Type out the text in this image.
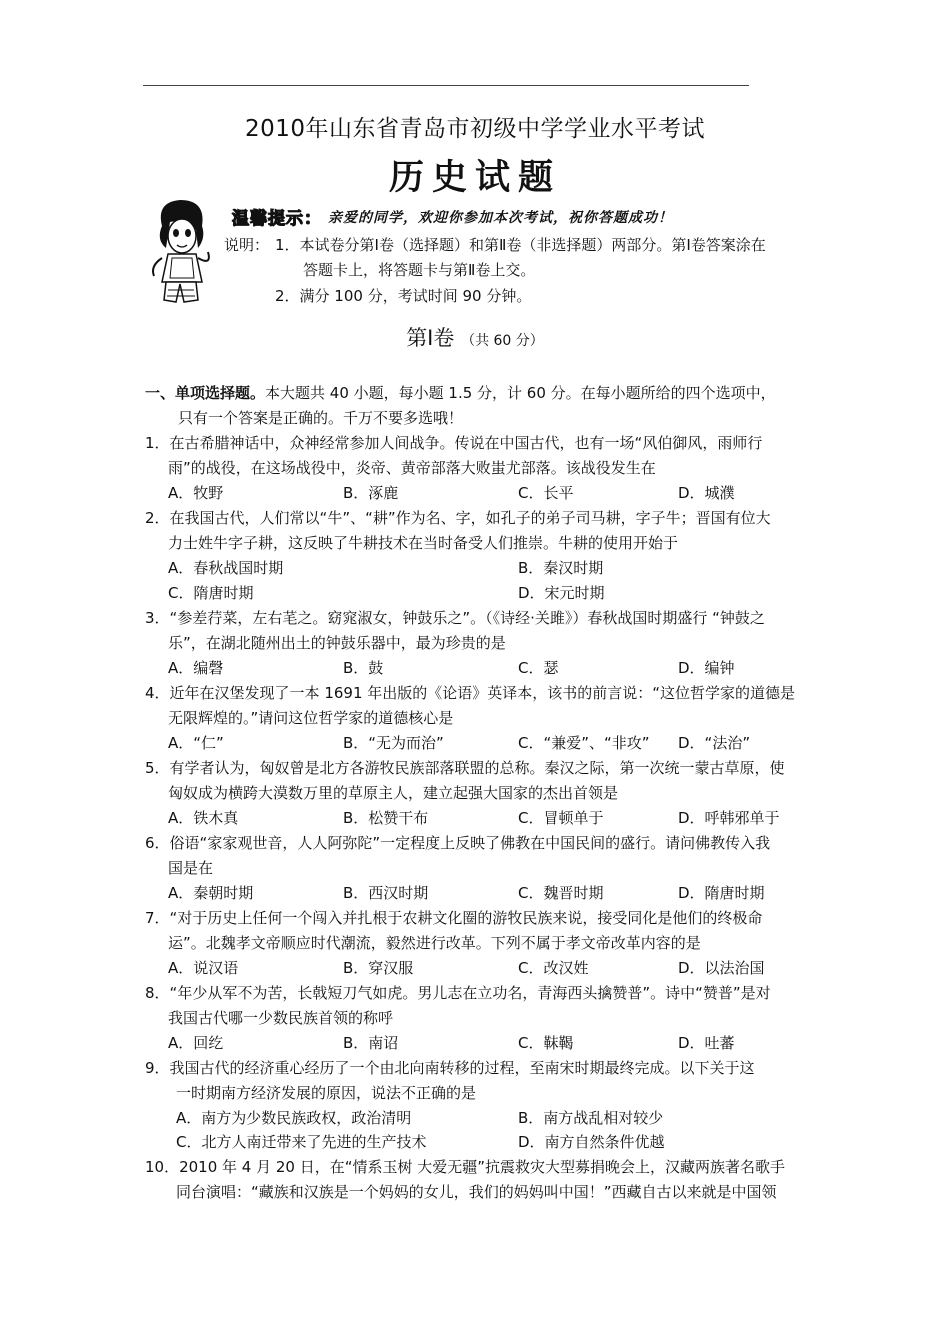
2010年山东省青岛市初级中学学业水平考试
历史试题
温馨提示： 亲爱的同学，欢迎你参加本次考试，祝你答题成功！
说明： 1．本试卷分第Ⅰ卷（选择题）和第Ⅱ卷（非选择题）两部分。第Ⅰ卷答案涂在
答题卡上，将答题卡与第Ⅱ卷上交。
2．满分 100 分，考试时间 90 分钟。
第Ⅰ卷 （共 60 分）
一、单项选择题。本大题共 40 小题，每小题 1.5 分，计 60 分。在每小题所给的四个选项中，
只有一个答案是正确的。千万不要多选哦！
1．在古希腊神话中，众神经常参加人间战争。传说在中国古代，也有一场“风伯御风，雨师行
雨”的战役，在这场战役中，炎帝、黄帝部落大败蚩尤部落。该战役发生在
A．牧野	B．涿鹿	C．长平	D．城濮
2．在我国古代，人们常以“牛”、“耕”作为名、字，如孔子的弟子司马耕，字子牛；晋国有位大
力士姓牛字子耕，这反映了牛耕技术在当时备受人们推崇。牛耕的使用开始于
A．春秋战国时期	B．秦汉时期
C．隋唐时期	D．宋元时期
3．“参差荇菜，左右芼之。窈窕淑女，钟鼓乐之”。（《诗经·关雎》）春秋战国时期盛行 “钟鼓之
乐”，在湖北随州出土的钟鼓乐器中，最为珍贵的是
A．编磬	B．鼓	C．瑟	D．编钟
4．近年在汉堡发现了一本 1691 年出版的《论语》英译本，该书的前言说：“这位哲学家的道德是
无限辉煌的。”请问这位哲学家的道德核心是
A．“仁”	B．“无为而治”	C．“兼爱”、“非攻” D．“法治”
5．有学者认为，匈奴曾是北方各游牧民族部落联盟的总称。秦汉之际，第一次统一蒙古草原，使
匈奴成为横跨大漠数万里的草原主人，建立起强大国家的杰出首领是
A．铁木真	B．松赞干布	C．冒顿单于	D．呼韩邪单于
6．俗语“家家观世音，人人阿弥陀”一定程度上反映了佛教在中国民间的盛行。请问佛教传入我
国是在
A．秦朝时期	B．西汉时期	C．魏晋时期	D．隋唐时期
7．“对于历史上任何一个闯入并扎根于农耕文化圈的游牧民族来说，接受同化是他们的终极命
运”。北魏孝文帝顺应时代潮流，毅然进行改革。下列不属于孝文帝改革内容的是
A．说汉语	B．穿汉服	C．改汉姓	D．以法治国
8．“年少从军不为苦，长戟短刀气如虎。男儿志在立功名，青海西头擒赞普”。诗中“赞普”是对
我国古代哪一少数民族首领的称呼
A．回纥	B．南诏	C．靺鞨	D．吐蕃
9．我国古代的经济重心经历了一个由北向南转移的过程，至南宋时期最终完成。以下关于这
一时期南方经济发展的原因，说法不正确的是
A．南方为少数民族政权，政治清明	B．南方战乱相对较少
C．北方人南迁带来了先进的生产技术	D．南方自然条件优越
10．2010 年 4 月 20 日，在“情系玉树 大爱无疆”抗震救灾大型募捐晚会上，汉藏两族著名歌手
同台演唱：“藏族和汉族是一个妈妈的女儿，我们的妈妈叫中国！”西藏自古以来就是中国领
